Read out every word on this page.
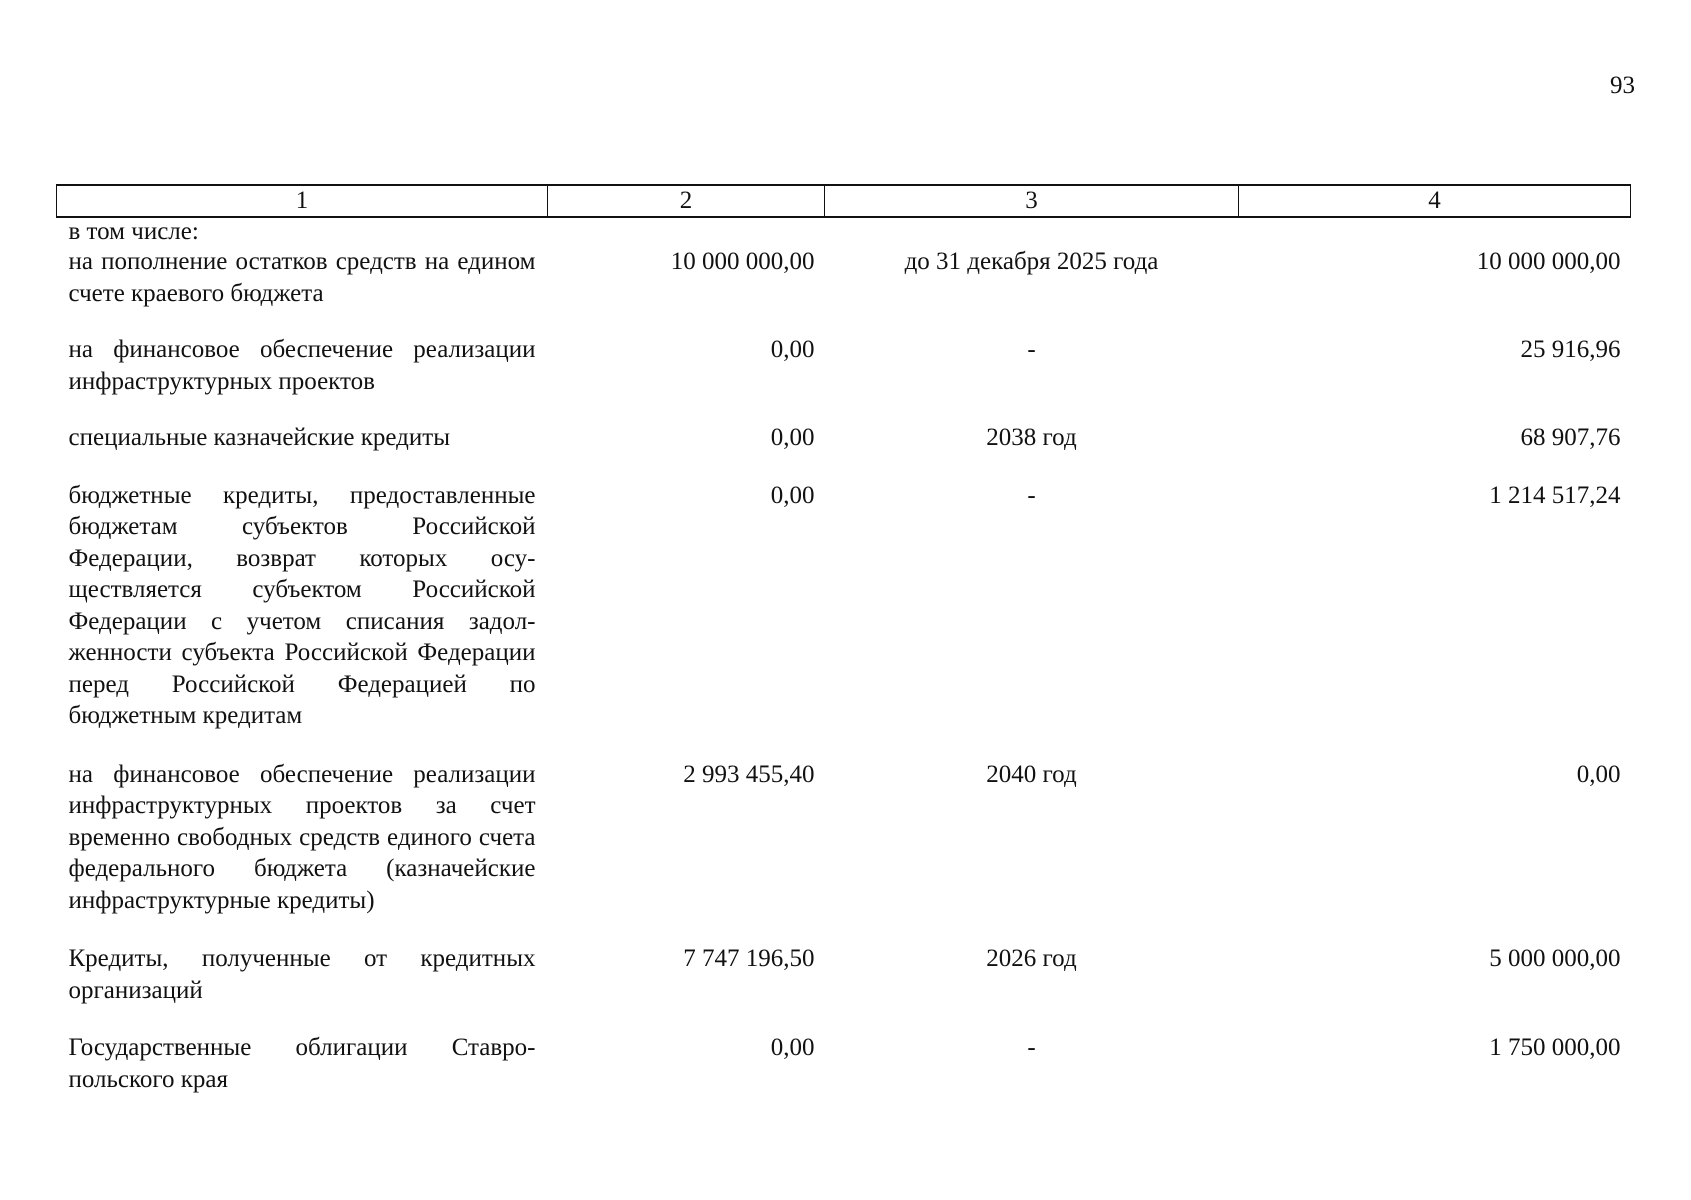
93
1	2	3	4
в том числе:			
на пополнение остатков средств на едином счете краевого бюджета	10 000 000,00	до 31 декабря 2025 года	10 000 000,00
на финансовое обеспечение реализации инфраструктурных проектов	0,00	-	25 916,96
специальные казначейские кредиты	0,00	2038 год	68 907,76
бюджетные кредиты, предоставленные бюджетам субъектов Российской Федерации, возврат которых осуществляется субъектом Российской Федерации с учетом списания задолженности субъекта Российской Федерации перед Российской Федерацией по бюджетным кредитам	0,00	-	1 214 517,24
на финансовое обеспечение реализации инфраструктурных проектов за счет временно свободных средств единого счета федерального бюджета (казначейские инфраструктурные кредиты)	2 993 455,40	2040 год	0,00
Кредиты, полученные от кредитных организаций	7 747 196,50	2026 год	5 000 000,00
Государственные облигации Ставропольского края	0,00	-	1 750 000,00
